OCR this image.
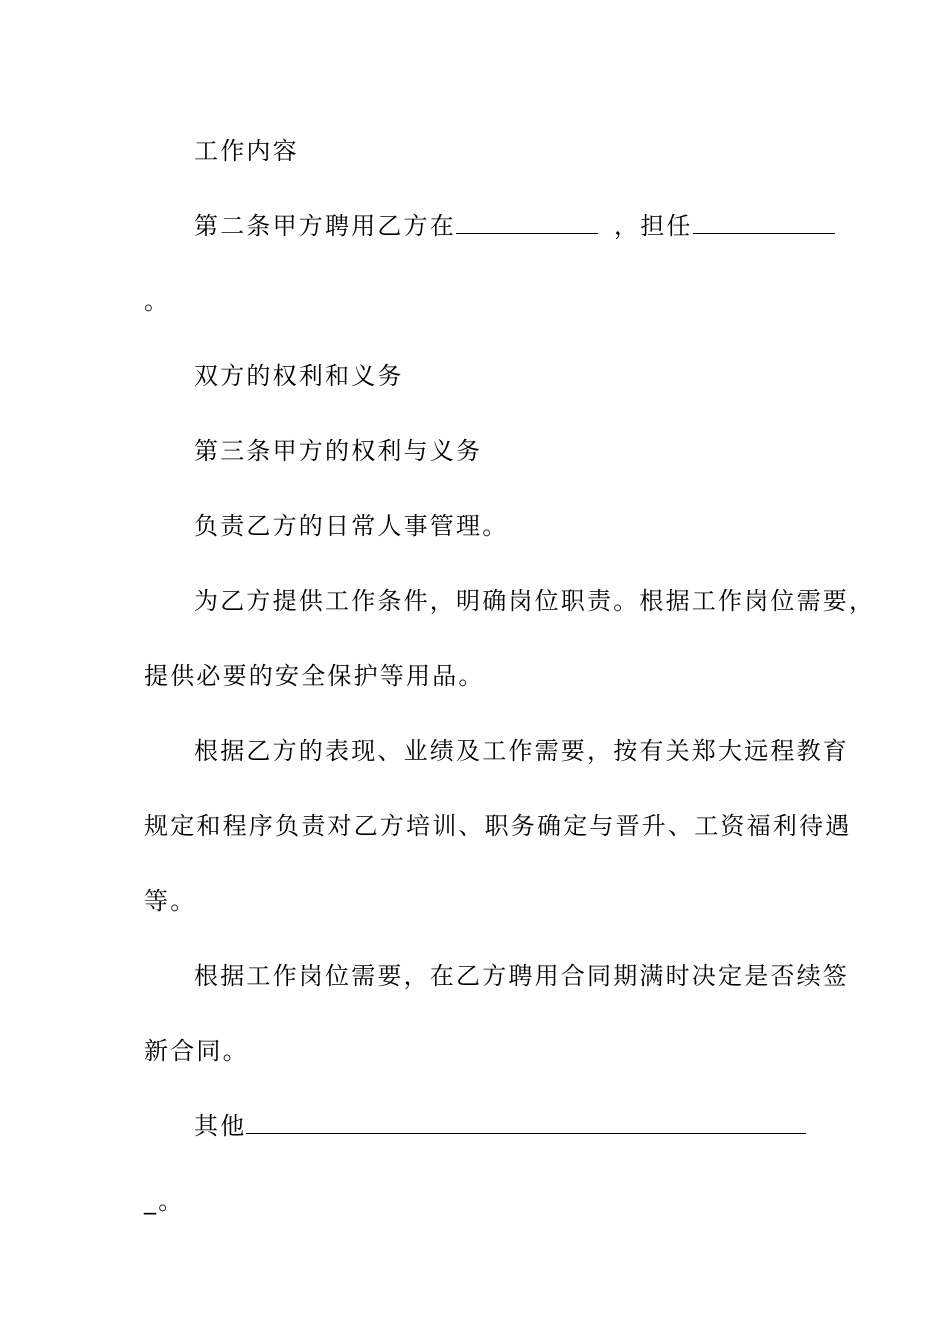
工作内容
第二条甲方聘用乙方在	，担任
。
双方的权利和义务
第三条甲方的权利与义务
负责乙方的日常人事管理。
为乙方提供工作条件，明确岗位职责。根据工作岗位需要，
提供必要的安全保护等用品。
根据乙方的表现、业绩及工作需要，按有关郑大远程教育
规定和程序负责对乙方培训、职务确定与晋升、工资福利待遇
等。
根据工作岗位需要，在乙方聘用合同期满时决定是否续签
新合同。
其他
_。
